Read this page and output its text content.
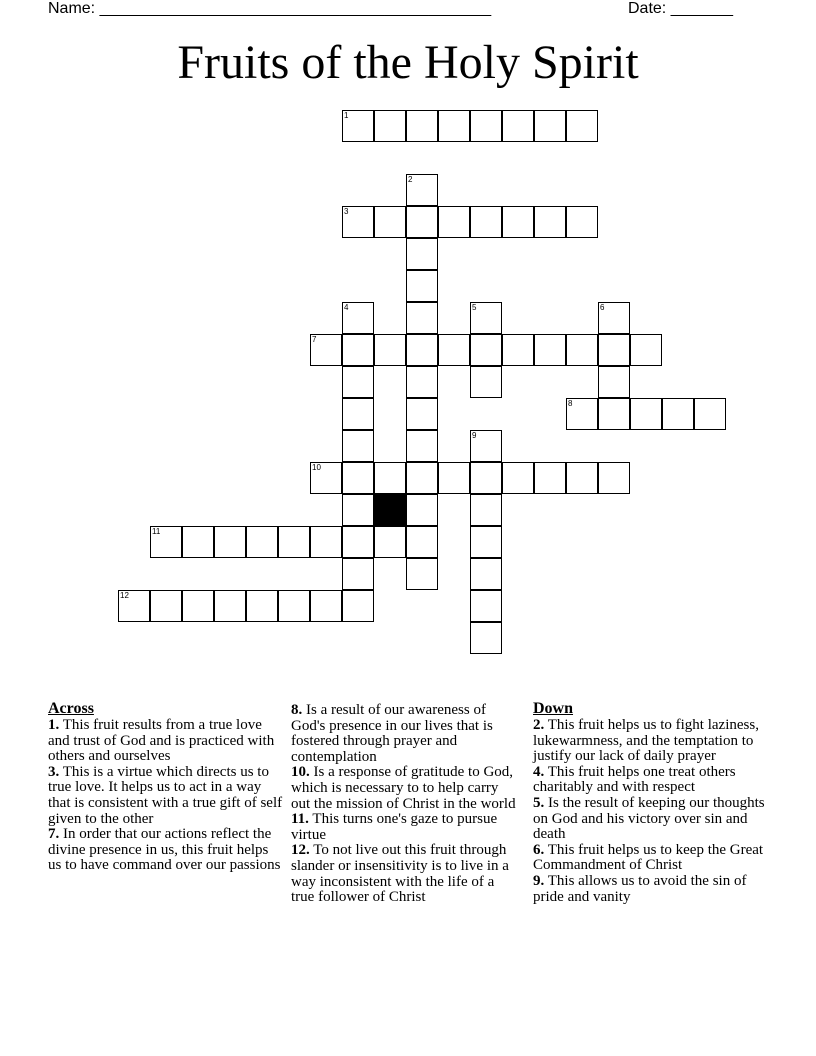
Name: ____________________________________________	Date: _______
Fruits of the Holy Spirit
1
2
3
4	5	6
7
8
9
10
11
12
Across

1. This fruit results from a true love and trust of God and is practiced with others and ourselves

3. This is a virtue which directs us to true love. It helps us to act in a way that is consistent with a true gift of self given to the other

7. In order that our actions reflect the divine presence in us, this fruit helps us to have command over our passions

8. Is a result of our awareness of God's presence in our lives that is fostered through prayer and contemplation

10. Is a response of gratitude to God, which is necessary to to help carry out the mission of Christ in the world

11. This turns one's gaze to pursue virtue

12. To not live out this fruit through slander or insensitivity is to live in a way inconsistent with the life of a true follower of Christ

Down

2. This fruit helps us to fight laziness, lukewarmness, and the temptation to justify our lack of daily prayer

4. This fruit helps one treat others charitably and with respect

5. Is the result of keeping our thoughts on God and his victory over sin and death

6. This fruit helps us to keep the Great Commandment of Christ

9. This allows us to avoid the sin of pride and vanity
